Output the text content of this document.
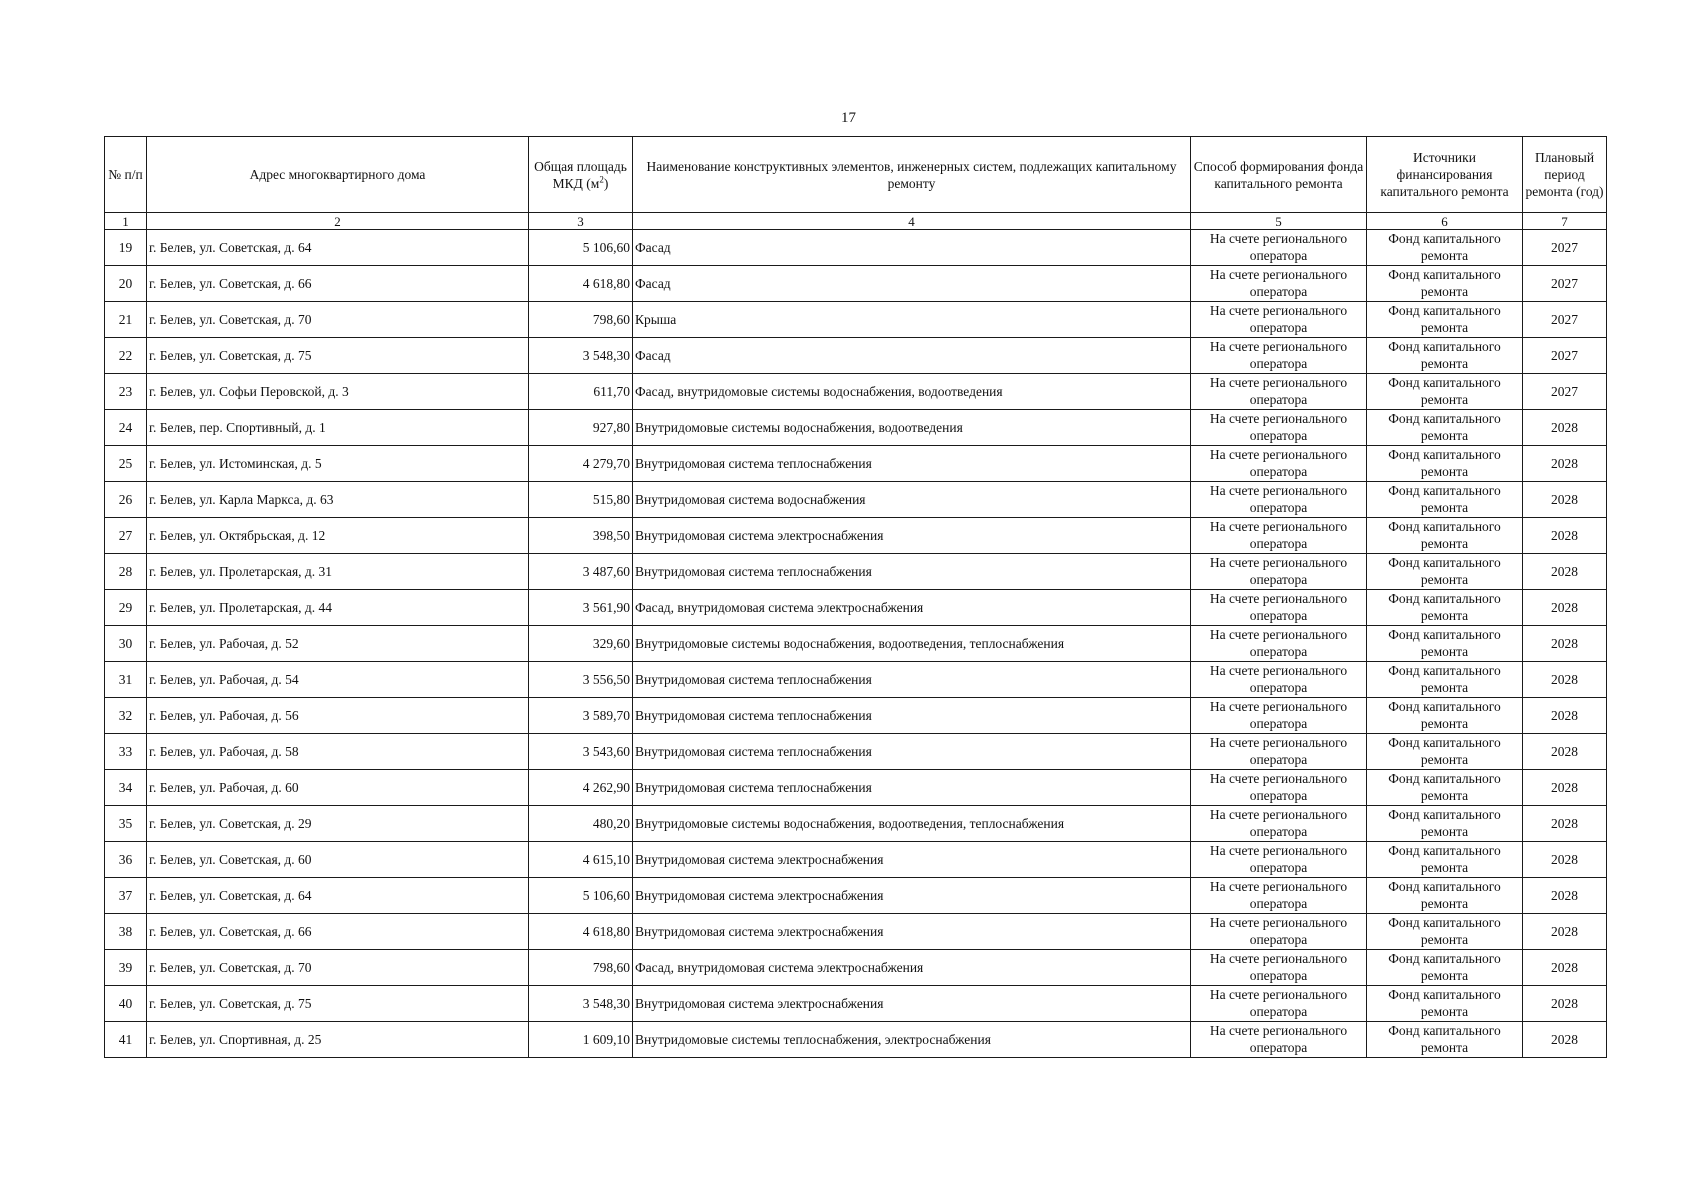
17
№ п/п	Адрес многоквартирного дома	Общая площадь МКД $(м^2)$	Наименование конструктивных элементов, инженерных систем, подлежащих капитальному ремонту	Способ формирования фонда капитального ремонта	Источники финансирования капитального ремонта	Плановый период ремонта (год)
1	2	3	4	5	6	7
19	г. Белев, ул. Советская, д. 64	5 106,60	Фасад	На счете регионального оператора	Фонд капитального ремонта	2027
20	г. Белев, ул. Советская, д. 66	4 618,80	Фасад	На счете регионального оператора	Фонд капитального ремонта	2027
21	г. Белев, ул. Советская, д. 70	798,60	Крыша	На счете регионального оператора	Фонд капитального ремонта	2027
22	г. Белев, ул. Советская, д. 75	3 548,30	Фасад	На счете регионального оператора	Фонд капитального ремонта	2027
23	г. Белев, ул. Софьи Перовской, д. 3	611,70	Фасад, внутридомовые системы водоснабжения, водоотведения	На счете регионального оператора	Фонд капитального ремонта	2027
24	г. Белев, пер. Спортивный, д. 1	927,80	Внутридомовые системы водоснабжения, водоотведения	На счете регионального оператора	Фонд капитального ремонта	2028
25	г. Белев, ул. Истоминская, д. 5	4 279,70	Внутридомовая система теплоснабжения	На счете регионального оператора	Фонд капитального ремонта	2028
26	г. Белев, ул. Карла Маркса, д. 63	515,80	Внутридомовая система водоснабжения	На счете регионального оператора	Фонд капитального ремонта	2028
27	г. Белев, ул. Октябрьская, д. 12	398,50	Внутридомовая система электроснабжения	На счете регионального оператора	Фонд капитального ремонта	2028
28	г. Белев, ул. Пролетарская, д. 31	3 487,60	Внутридомовая система теплоснабжения	На счете регионального оператора	Фонд капитального ремонта	2028
29	г. Белев, ул. Пролетарская, д. 44	3 561,90	Фасад, внутридомовая система электроснабжения	На счете регионального оператора	Фонд капитального ремонта	2028
30	г. Белев, ул. Рабочая, д. 52	329,60	Внутридомовые системы водоснабжения, водоотведения, теплоснабжения	На счете регионального оператора	Фонд капитального ремонта	2028
31	г. Белев, ул. Рабочая, д. 54	3 556,50	Внутридомовая система теплоснабжения	На счете регионального оператора	Фонд капитального ремонта	2028
32	г. Белев, ул. Рабочая, д. 56	3 589,70	Внутридомовая система теплоснабжения	На счете регионального оператора	Фонд капитального ремонта	2028
33	г. Белев, ул. Рабочая, д. 58	3 543,60	Внутридомовая система теплоснабжения	На счете регионального оператора	Фонд капитального ремонта	2028
34	г. Белев, ул. Рабочая, д. 60	4 262,90	Внутридомовая система теплоснабжения	На счете регионального оператора	Фонд капитального ремонта	2028
35	г. Белев, ул. Советская, д. 29	480,20	Внутридомовые системы водоснабжения, водоотведения, теплоснабжения	На счете регионального оператора	Фонд капитального ремонта	2028
36	г. Белев, ул. Советская, д. 60	4 615,10	Внутридомовая система электроснабжения	На счете регионального оператора	Фонд капитального ремонта	2028
37	г. Белев, ул. Советская, д. 64	5 106,60	Внутридомовая система электроснабжения	На счете регионального оператора	Фонд капитального ремонта	2028
38	г. Белев, ул. Советская, д. 66	4 618,80	Внутридомовая система электроснабжения	На счете регионального оператора	Фонд капитального ремонта	2028
39	г. Белев, ул. Советская, д. 70	798,60	Фасад, внутридомовая система электроснабжения	На счете регионального оператора	Фонд капитального ремонта	2028
40	г. Белев, ул. Советская, д. 75	3 548,30	Внутридомовая система электроснабжения	На счете регионального оператора	Фонд капитального ремонта	2028
41	г. Белев, ул. Спортивная, д. 25	1 609,10	Внутридомовые системы теплоснабжения, электроснабжения	На счете регионального оператора	Фонд капитального ремонта	2028
